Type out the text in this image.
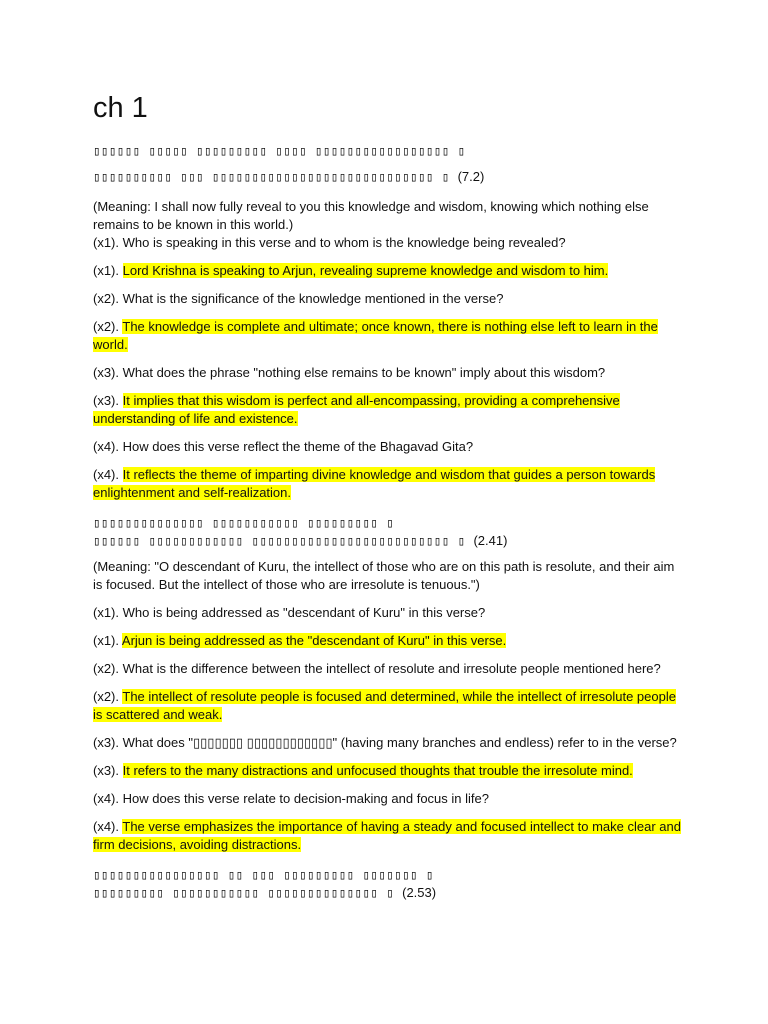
ch 1

▯▯▯▯▯▯ ▯▯▯▯▯ ▯▯▯▯▯▯▯▯▯ ▯▯▯▯ ▯▯▯▯▯▯▯▯▯▯▯▯▯▯▯▯▯ ▯

▯▯▯▯▯▯▯▯▯▯ ▯▯▯ ▯▯▯▯▯▯▯▯▯▯▯▯▯▯▯▯▯▯▯▯▯▯▯▯▯▯▯▯ ▯ (7.2)

(Meaning: I shall now fully reveal to you this knowledge and wisdom, knowing which nothing else remains to be known in this world.)

(x1). Who is speaking in this verse and to whom is the knowledge being revealed?

(x1). Lord Krishna is speaking to Arjun, revealing supreme knowledge and wisdom to him.

(x2). What is the significance of the knowledge mentioned in the verse?

(x2). The knowledge is complete and ultimate; once known, there is nothing else left to learn in the world.

(x3). What does the phrase "nothing else remains to be known" imply about this wisdom?

(x3). It implies that this wisdom is perfect and all-encompassing, providing a comprehensive understanding of life and existence.

(x4). How does this verse reflect the theme of the Bhagavad Gita?

(x4). It reflects the theme of imparting divine knowledge and wisdom that guides a person towards enlightenment and self-realization.

▯▯▯▯▯▯▯▯▯▯▯▯▯▯ ▯▯▯▯▯▯▯▯▯▯▯ ▯▯▯▯▯▯▯▯▯ ▯

▯▯▯▯▯▯ ▯▯▯▯▯▯▯▯▯▯▯▯ ▯▯▯▯▯▯▯▯▯▯▯▯▯▯▯▯▯▯▯▯▯▯▯▯▯ ▯ (2.41)

(Meaning: "O descendant of Kuru, the intellect of those who are on this path is resolute, and their aim is focused. But the intellect of those who are irresolute is tenuous.")

(x1). Who is being addressed as "descendant of Kuru" in this verse?

(x1). Arjun is being addressed as the "descendant of Kuru" in this verse.

(x2). What is the difference between the intellect of resolute and irresolute people mentioned here?

(x2). The intellect of resolute people is focused and determined, while the intellect of irresolute people is scattered and weak.

(x3). What does "▯▯▯▯▯▯▯ ▯▯▯▯▯▯▯▯▯▯▯▯" (having many branches and endless) refer to in the verse?

(x3). It refers to the many distractions and unfocused thoughts that trouble the irresolute mind.

(x4). How does this verse relate to decision-making and focus in life?

(x4). The verse emphasizes the importance of having a steady and focused intellect to make clear and firm decisions, avoiding distractions.

▯▯▯▯▯▯▯▯▯▯▯▯▯▯▯▯ ▯▯ ▯▯▯ ▯▯▯▯▯▯▯▯▯ ▯▯▯▯▯▯▯ ▯

▯▯▯▯▯▯▯▯▯ ▯▯▯▯▯▯▯▯▯▯▯ ▯▯▯▯▯▯▯▯▯▯▯▯▯▯ ▯ (2.53)
